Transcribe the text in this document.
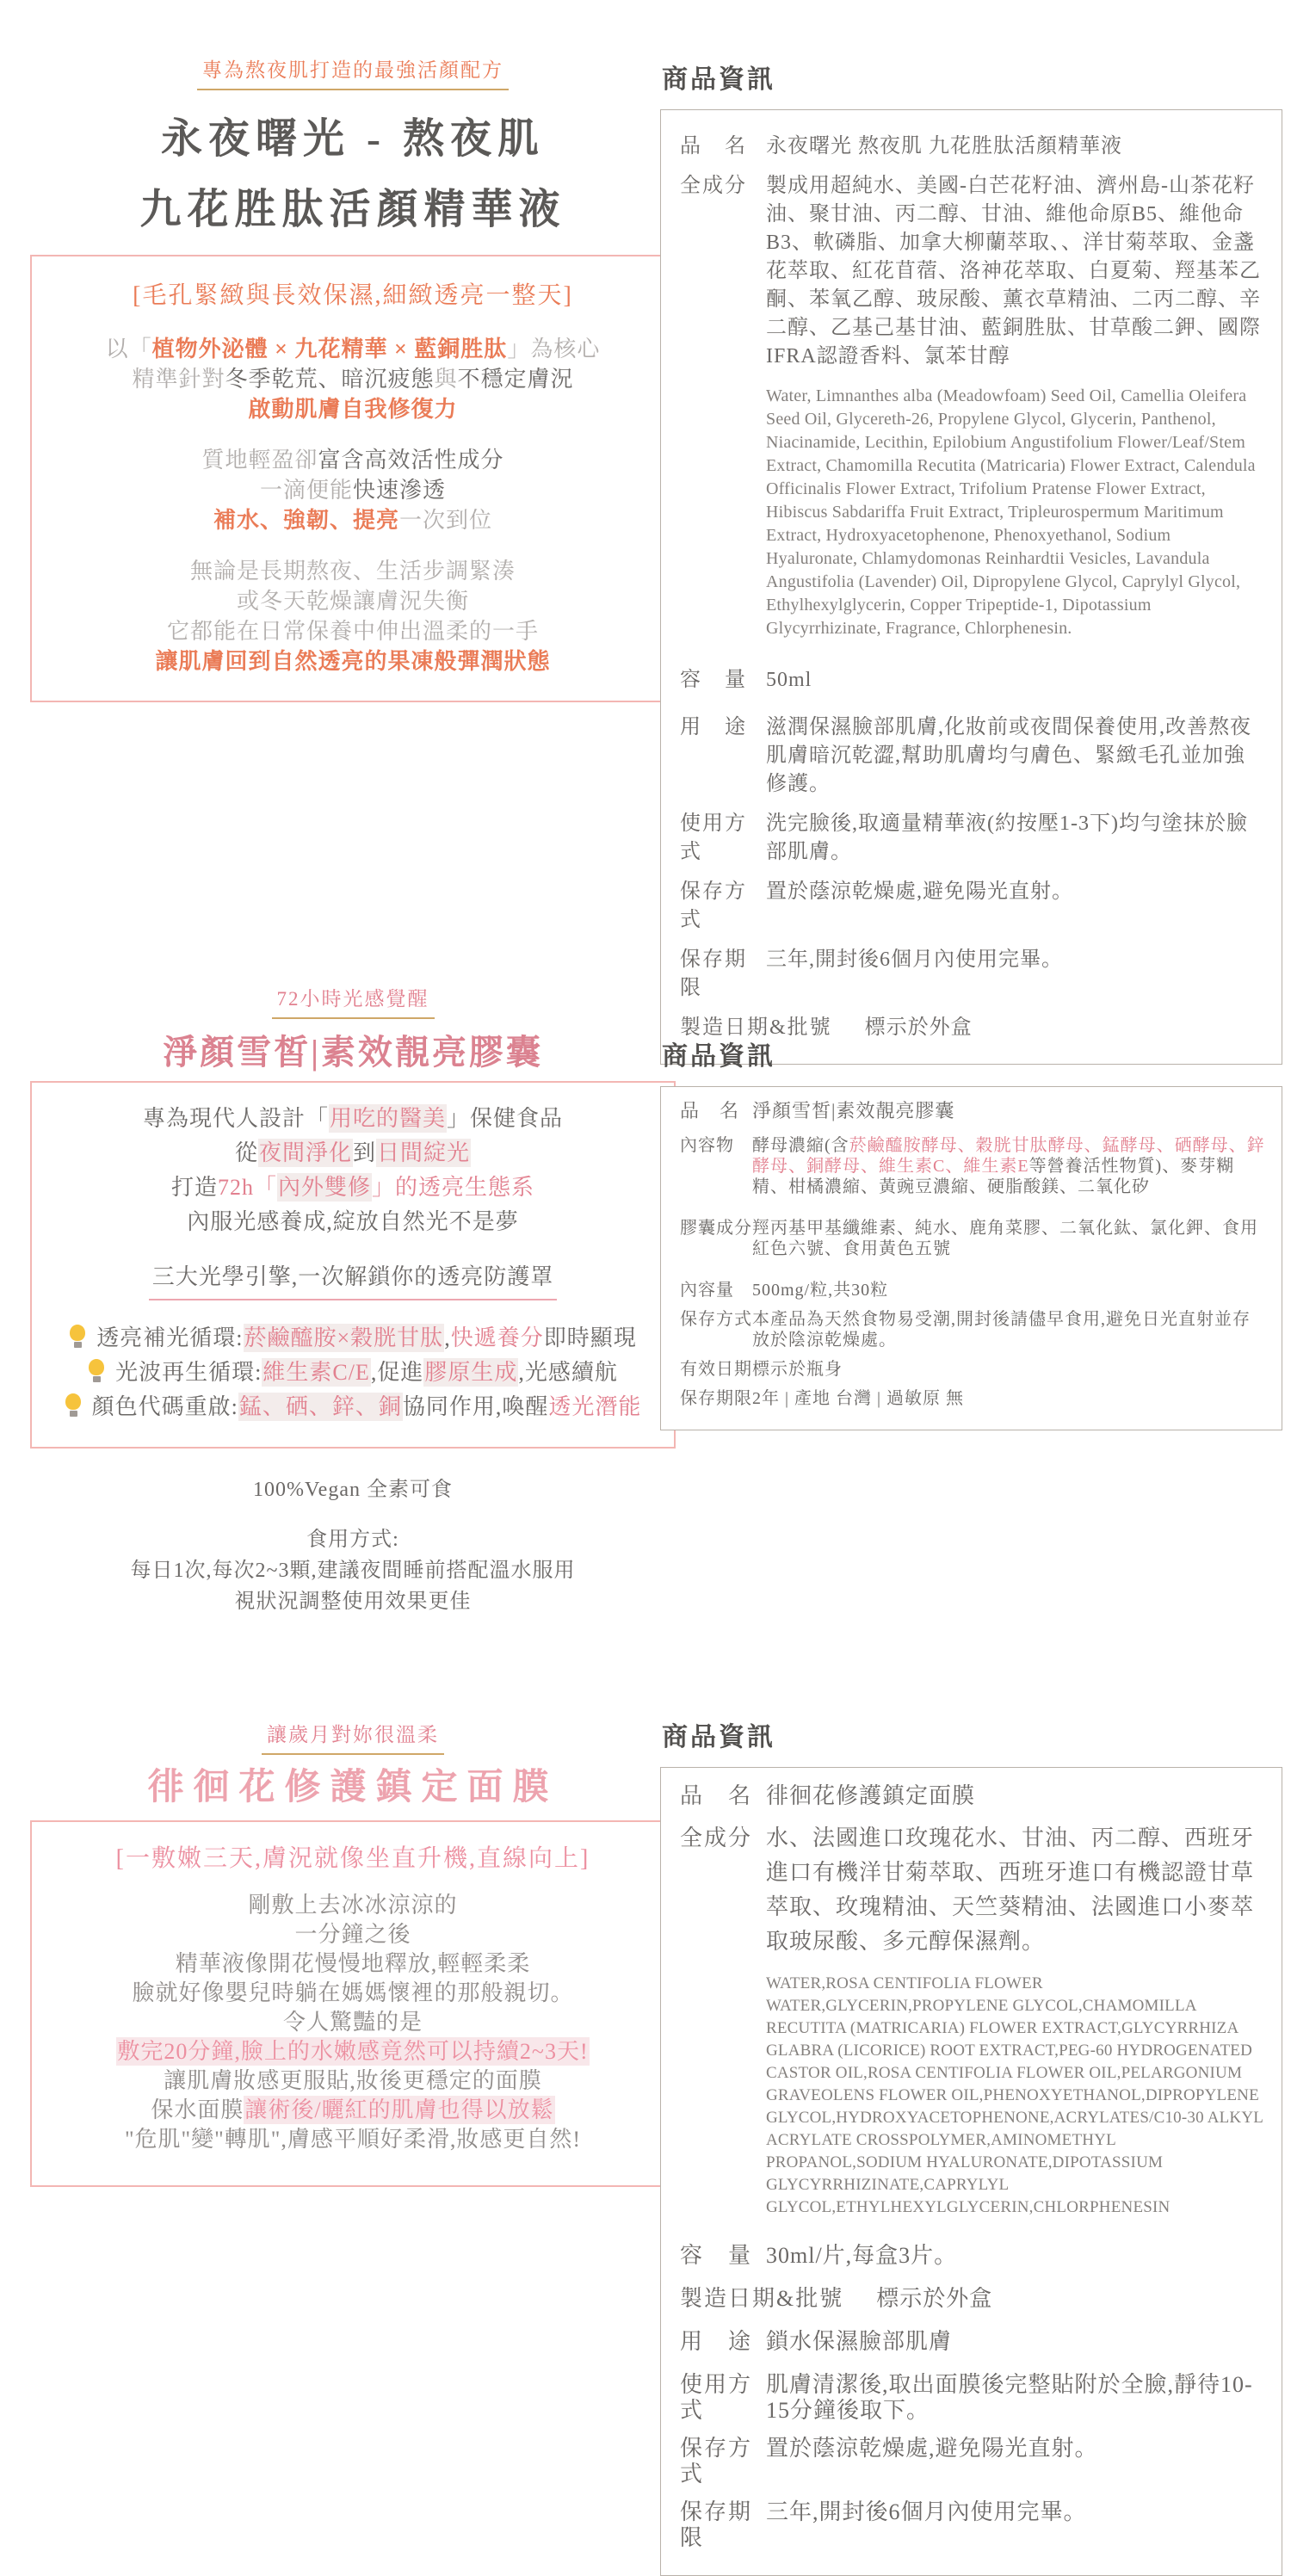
專為熬夜肌打造的最強活顏配方
永夜曙光 - 熬夜肌
九花胜肽活顏精華液

[毛孔緊緻與長效保濕,細緻透亮一整天]

以「植物外泌體 × 九花精華 × 藍銅胜肽」為核心

精準針對冬季乾荒、暗沉疲態與不穩定膚況

啟動肌膚自我修復力

質地輕盈卻富含高效活性成分

一滴便能快速滲透

補水、強韌、提亮一次到位

無論是長期熬夜、生活步調緊湊

或冬天乾燥讓膚況失衡

它都能在日常保養中伸出溫柔的一手

讓肌膚回到自然透亮的果凍般彈潤狀態

商品資訊
品　名 永夜曙光 熬夜肌 九花胜肽活顏精華液
全成分 製成用超純水、美國-白芒花籽油、濟州島-山茶花籽油、聚甘油、丙二醇、甘油、維他命原B5、維他命B3、軟磷脂、加拿大柳蘭萃取、、洋甘菊萃取、金盞花萃取、紅花苜蓿、洛神花萃取、白夏菊、羥基苯乙酮、苯氧乙醇、玻尿酸、薰衣草精油、二丙二醇、辛二醇、乙基己基甘油、藍銅胜肽、甘草酸二鉀、國際IFRA認證香料、氯苯甘醇
Water, Limnanthes alba (Meadowfoam) Seed Oil, Camellia Oleifera Seed Oil, Glycereth-26, Propylene Glycol, Glycerin, Panthenol, Niacinamide, Lecithin, Epilobium Angustifolium Flower/Leaf/Stem Extract, Chamomilla Recutita (Matricaria) Flower Extract, Calendula Officinalis Flower Extract, Trifolium Pratense Flower Extract, Hibiscus Sabdariffa Fruit Extract, Tripleurospermum Maritimum Extract, Hydroxyacetophenone, Phenoxyethanol, Sodium Hyaluronate, Chlamydomonas Reinhardtii Vesicles, Lavandula Angustifolia (Lavender) Oil, Dipropylene Glycol, Caprylyl Glycol, Ethylhexylglycerin, Copper Tripeptide-1, Dipotassium Glycyrrhizinate, Fragrance, Chlorphenesin.
容　量 50ml
用　途 滋潤保濕臉部肌膚,化妝前或夜間保養使用,改善熬夜肌膚暗沉乾澀,幫助肌膚均勻膚色、緊緻毛孔並加強修護。
使用方式
洗完臉後,取適量精華液(約按壓1-3下)均勻塗抹於臉部肌膚。
保存方式
置於蔭涼乾燥處,避免陽光直射。
保存期限
三年,開封後6個月內使用完畢。
製造日期&批號 標示於外盒
72小時光感覺醒
淨顏雪皙|素效靚亮膠囊

專為現代人設計「用吃的醫美」保健食品

從夜間淨化到日間綻光

打造72h「內外雙修」的透亮生態系

內服光感養成,綻放自然光不是夢

三大光學引擎,一次解鎖你的透亮防護罩

透亮補光循環:菸鹼醯胺×穀胱甘肽,快遞養分即時顯現

光波再生循環:維生素C/E,促進膠原生成,光感續航

顏色代碼重啟:錳、硒、鋅、銅協同作用,喚醒透光潛能

100%Vegan 全素可食

食用方式:

每日1次,每次2~3顆,建議夜間睡前搭配溫水服用

視狀況調整使用效果更佳

商品資訊
品　名 淨顏雪皙|素效靚亮膠囊
內容物	酵母濃縮(含菸鹼醯胺酵母、穀胱甘肽酵母、錳酵母、硒酵母、鋅酵母、銅酵母、維生素C、維生素E等營養活性物質)、麥芽糊精、柑橘濃縮、黃豌豆濃縮、硬脂酸鎂、二氧化矽
膠囊成分 羥丙基甲基纖維素、純水、鹿角菜膠、二氧化鈦、氯化鉀、食用紅色六號、食用黃色五號
內容量	500mg/粒,共30粒
保存方式 本產品為天然食物易受潮,開封後請儘早食用,避免日光直射並存放於陰涼乾燥處。
有效日期 標示於瓶身
保存期限 2年 | 產地 台灣 | 過敏原 無
讓歲月對妳很溫柔
徘徊花修護鎮定面膜

[一敷嫩三天,膚況就像坐直升機,直線向上]

剛敷上去冰冰涼涼的

一分鐘之後

精華液像開花慢慢地釋放,輕輕柔柔

臉就好像嬰兒時躺在媽媽懷裡的那般親切。

令人驚豔的是

敷完20分鐘,臉上的水嫩感竟然可以持續2~3天!

讓肌膚妝感更服貼,妝後更穩定的面膜

保水面膜讓術後/曬紅的肌膚也得以放鬆

"危肌"變"轉肌",膚感平順好柔滑,妝感更自然!

商品資訊
品　名 徘徊花修護鎮定面膜
全成分 水、法國進口玫瑰花水、甘油、丙二醇、西班牙進口有機洋甘菊萃取、西班牙進口有機認證甘草萃取、玫瑰精油、天竺葵精油、法國進口小麥萃取玻尿酸、多元醇保濕劑。
WATER,ROSA CENTIFOLIA FLOWER WATER,GLYCERIN,PROPYLENE GLYCOL,CHAMOMILLA RECUTITA (MATRICARIA) FLOWER EXTRACT,GLYCYRRHIZA GLABRA (LICORICE) ROOT EXTRACT,PEG-60 HYDROGENATED CASTOR OIL,ROSA CENTIFOLIA FLOWER OIL,PELARGONIUM GRAVEOLENS FLOWER OIL,PHENOXYETHANOL,DIPROPYLENE GLYCOL,HYDROXYACETOPHENONE,ACRYLATES/C10-30 ALKYL ACRYLATE CROSSPOLYMER,AMINOMETHYL PROPANOL,SODIUM HYALURONATE,DIPOTASSIUM GLYCYRRHIZINATE,CAPRYLYL GLYCOL,ETHYLHEXYLGLYCERIN,CHLORPHENESIN
容　量 30ml/片,每盒3片。
製造日期&批號 標示於外盒
用　途 鎖水保濕臉部肌膚
使用方式
肌膚清潔後,取出面膜後完整貼附於全臉,靜待10-15分鐘後取下。
保存方式
置於蔭涼乾燥處,避免陽光直射。
保存期限
三年,開封後6個月內使用完畢。
